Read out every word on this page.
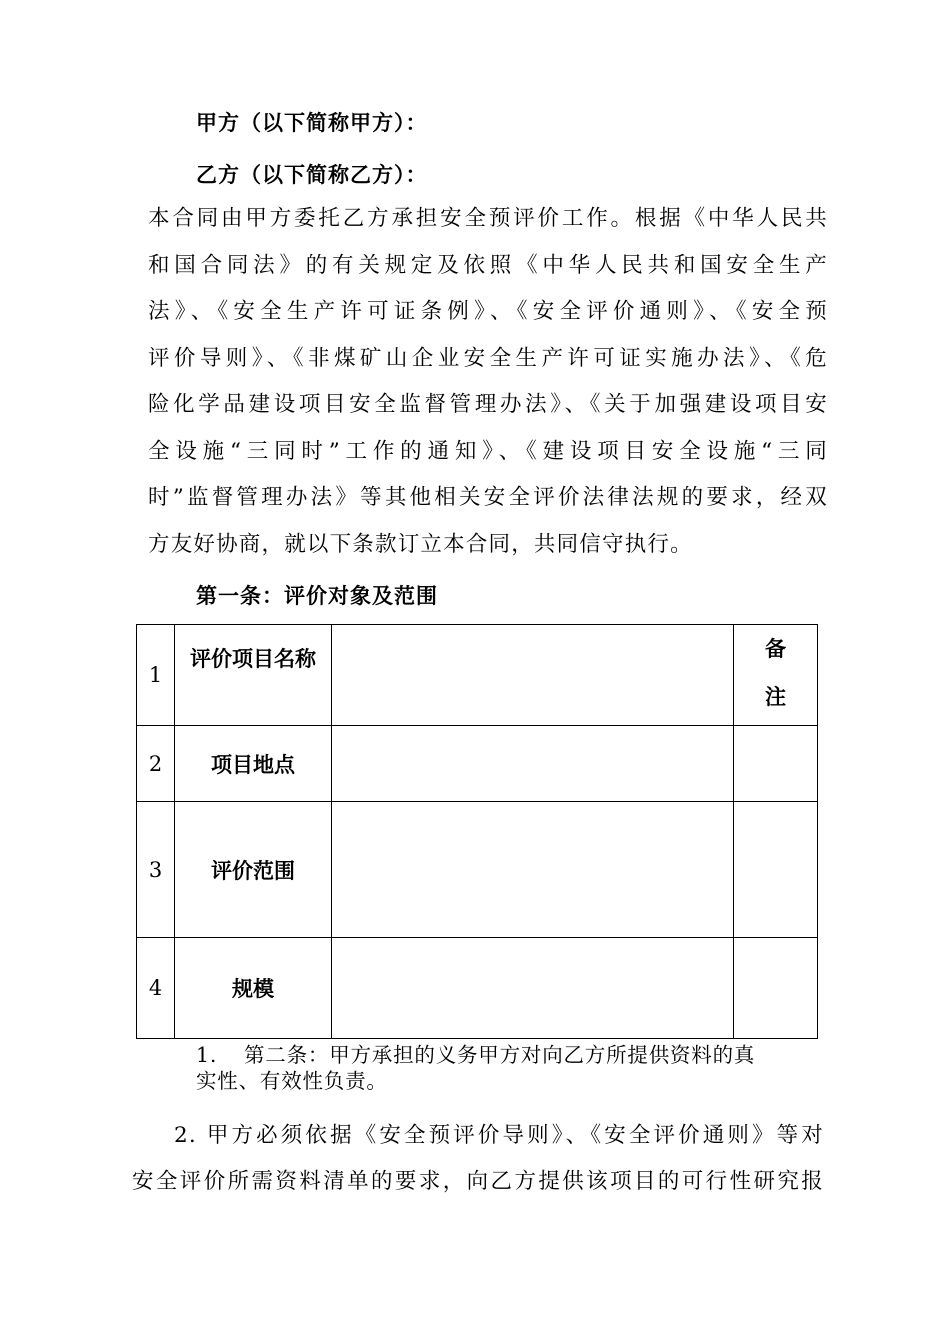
甲方（以下简称甲方）：
乙方（以下简称乙方）：
本合同由甲方委托乙方承担安全预评价工作。根据《中华人民共
和国合同法》的有关规定及依照《中华人民共和国安全生产
法》、《安全生产许可证条例》、《安全评价通则》、《安全预
评价导则》、《非煤矿山企业安全生产许可证实施办法》、《危
险化学品建设项目安全监督管理办法》、《关于加强建设项目安
全设施“三同时”工作的通知》、《建设项目安全设施“三同
时”监督管理办法》等其他相关安全评价法律法规的要求，经双
方友好协商，就以下条款订立本合同，共同信守执行。
第一条：评价对象及范围
1	评价项目名称		备
注

2	项目地点		
3	评价范围		
4	规模		
1. 第二条：甲方承担的义务甲方对向乙方所提供资料的真
实性、有效性负责。
2. 甲方必须依据《安全预评价导则》、《安全评价通则》等对
安全评价所需资料清单的要求，向乙方提供该项目的可行性研究报
